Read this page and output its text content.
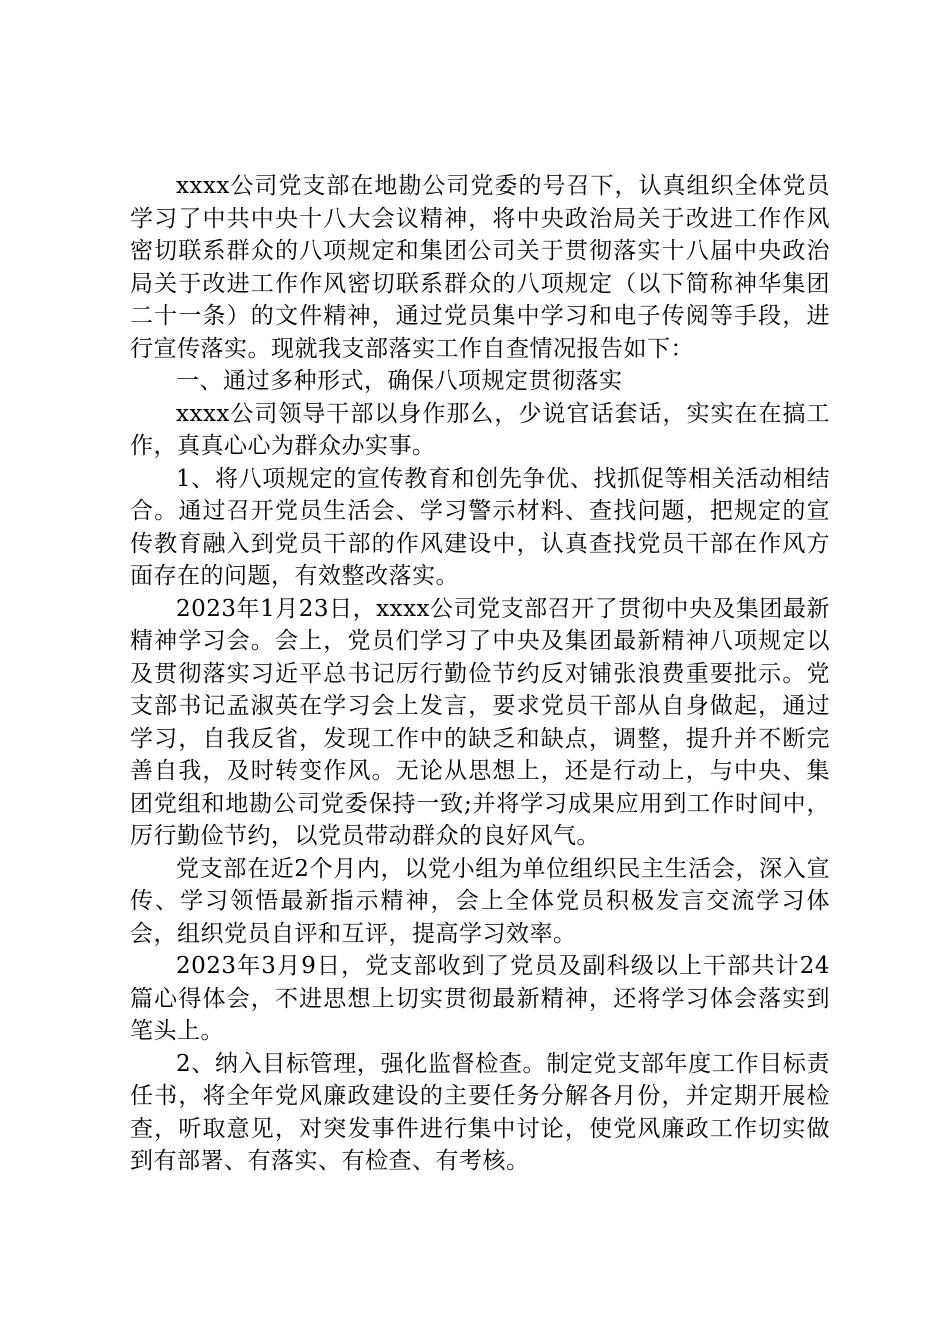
xxxx公司党支部在地勘公司党委的号召下，认真组织全体党员学习了中共中央十八大会议精神，将中央政治局关于改进工作作风密切联系群众的八项规定和集团公司关于贯彻落实十八届中央政治局关于改进工作作风密切联系群众的八项规定（以下简称神华集团二十一条）的文件精神，通过党员集中学习和电子传阅等手段，进行宣传落实。现就我支部落实工作自查情况报告如下：

一、通过多种形式，确保八项规定贯彻落实

xxxx公司领导干部以身作那么，少说官话套话，实实在在搞工作，真真心心为群众办实事。

1、将八项规定的宣传教育和创先争优、找抓促等相关活动相结合。通过召开党员生活会、学习警示材料、查找问题，把规定的宣传教育融入到党员干部的作风建设中，认真查找党员干部在作风方面存在的问题，有效整改落实。

2023年1月23日，xxxx公司党支部召开了贯彻中央及集团最新精神学习会。会上，党员们学习了中央及集团最新精神八项规定以及贯彻落实习近平总书记厉行勤俭节约反对铺张浪费重要批示。党支部书记孟淑英在学习会上发言，要求党员干部从自身做起，通过学习，自我反省，发现工作中的缺乏和缺点，调整，提升并不断完善自我，及时转变作风。无论从思想上，还是行动上，与中央、集团党组和地勘公司党委保持一致;并将学习成果应用到工作时间中，厉行勤俭节约，以党员带动群众的良好风气。

党支部在近2个月内，以党小组为单位组织民主生活会，深入宣传、学习领悟最新指示精神，会上全体党员积极发言交流学习体会，组织党员自评和互评，提高学习效率。

2023年3月9日，党支部收到了党员及副科级以上干部共计24篇心得体会，不进思想上切实贯彻最新精神，还将学习体会落实到笔头上。

2、纳入目标管理，强化监督检查。制定党支部年度工作目标责任书，将全年党风廉政建设的主要任务分解各月份，并定期开展检查，听取意见，对突发事件进行集中讨论，使党风廉政工作切实做到有部署、有落实、有检查、有考核。
